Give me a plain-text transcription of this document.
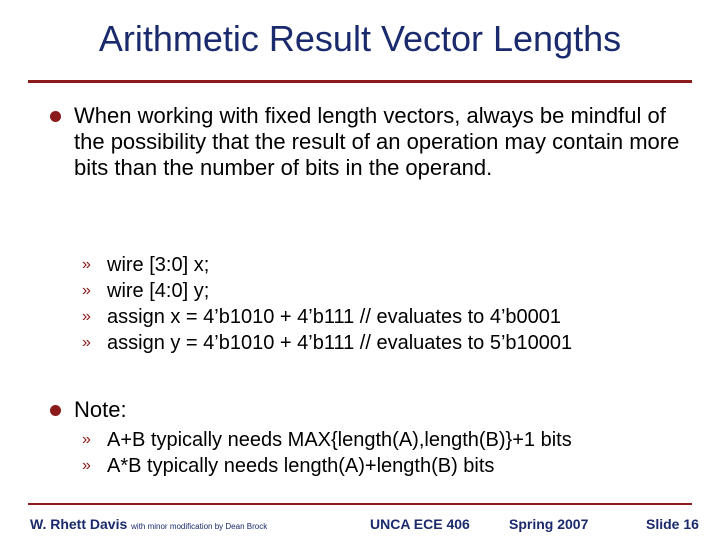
Arithmetic Result Vector Lengths
When working with fixed length vectors, always be mindful of the possibility that the result of an operation may contain more bits than the number of bits in the operand.
» wire [3:0] x;
» wire [4:0] y;
» assign x = 4’b1010 + 4’b111 // evaluates to 4’b0001
» assign y = 4’b1010 + 4’b111 // evaluates to 5’b10001
Note:
» A+B typically needs MAX{length(A),length(B)}+1 bits
» A*B typically needs length(A)+length(B) bits
W. Rhett Davis with minor modification by Dean Brock	UNCA ECE 406	Spring 2007	Slide 16
